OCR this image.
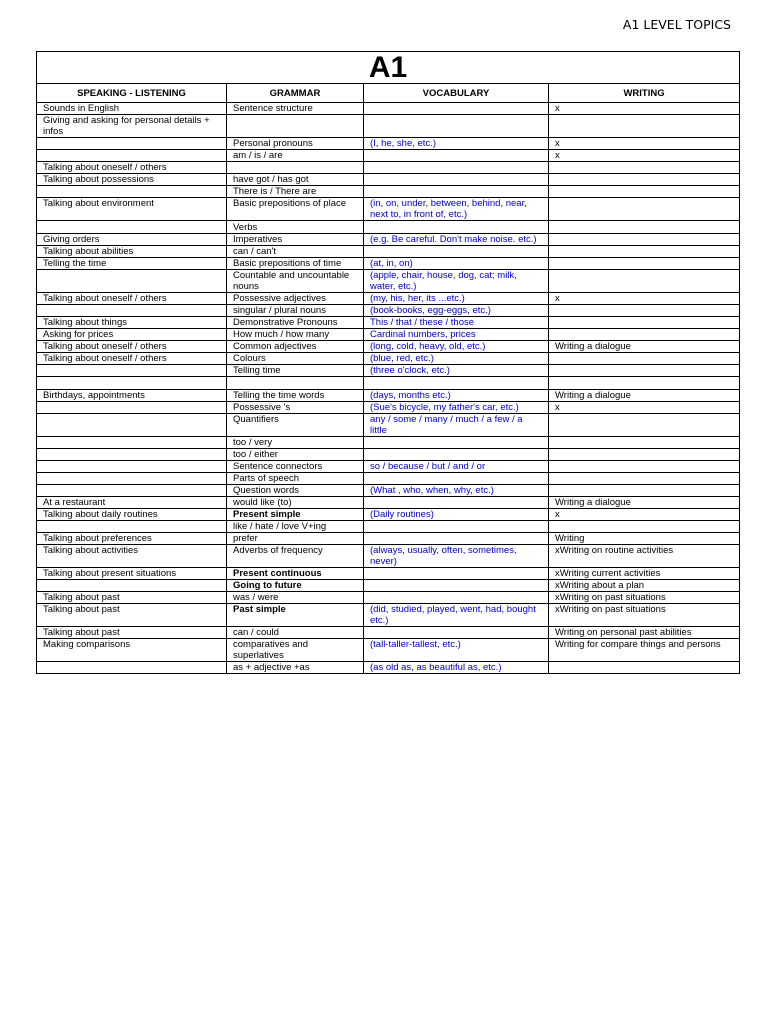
A1 LEVEL TOPICS
A1			
SPEAKING - LISTENING	GRAMMAR	VOCABULARY	WRITING
Sounds in English	Sentence structure		x
Giving and asking for personal details + infos			
	Personal pronouns	(I, he, she, etc.)	x
	am / is / are		x
Talking about oneself / others			
Talking about possessions	have got / has got		
	There is / There are		
Talking about environment	Basic prepositions of place	(in, on, under, between, behind, near, next to, in front of, etc.)	
	Verbs		
Giving orders	Imperatives	(e.g. Be careful. Don't make noise. etc.)	
Talking about abilities	can / can't		
Telling the time	Basic prepositions of time	(at, in, on)	
	Countable and uncountable nouns	(apple, chair, house, dog, cat; milk, water, etc.)	
Talking about oneself / others	Possessive adjectives	(my, his, her, its ...etc.)	x
	singular / plural nouns	(book-books, egg-eggs, etc.)	
Talking about things	Demonstrative Pronouns	This / that / these / those	
Asking for prices	How much / how many	Cardinal numbers, prices	
Talking about oneself / others	Common adjectives	(long, cold, heavy, old, etc.)	Writing a dialogue
Talking about oneself / others	Colours	(blue, red, etc.)	
	Telling time	(three o'clock, etc.)	

Birthdays, appointments	Telling the time words	(days, months etc.)	Writing a dialogue
	Possessive 's	(Sue's bicycle, my father's car, etc.)	x
	Quantifiers	any / some / many / much / a few / a little	
	too / very		
	too / either		
	Sentence connectors	so / because / but / and / or	
	Parts of speech		
	Question words	(What , who, when, why, etc.)	
At a restaurant	would like (to)		Writing a dialogue
Talking about daily routines	Present simple	(Daily routines)	x
	like / hate / love V+ing		
Talking about preferences	prefer		Writing
Talking about activities	Adverbs of frequency	(always, usually, often, sometimes, never)	xWriting on routine activities
Talking about present situations	Present continuous		xWriting current activities
	Going to future		xWriting about a plan
Talking about past	was / were		xWriting on past situations
Talking about past	Past simple	(did, studied, played, went, had, bought etc.)	xWriting on past situations
Talking about past	can / could		Writing on personal past abilities
Making comparisons	comparatives and superlatives	(tall-taller-tallest, etc.)	Writing for compare things and persons
	as + adjective +as	(as old as, as beautiful as, etc.)	
